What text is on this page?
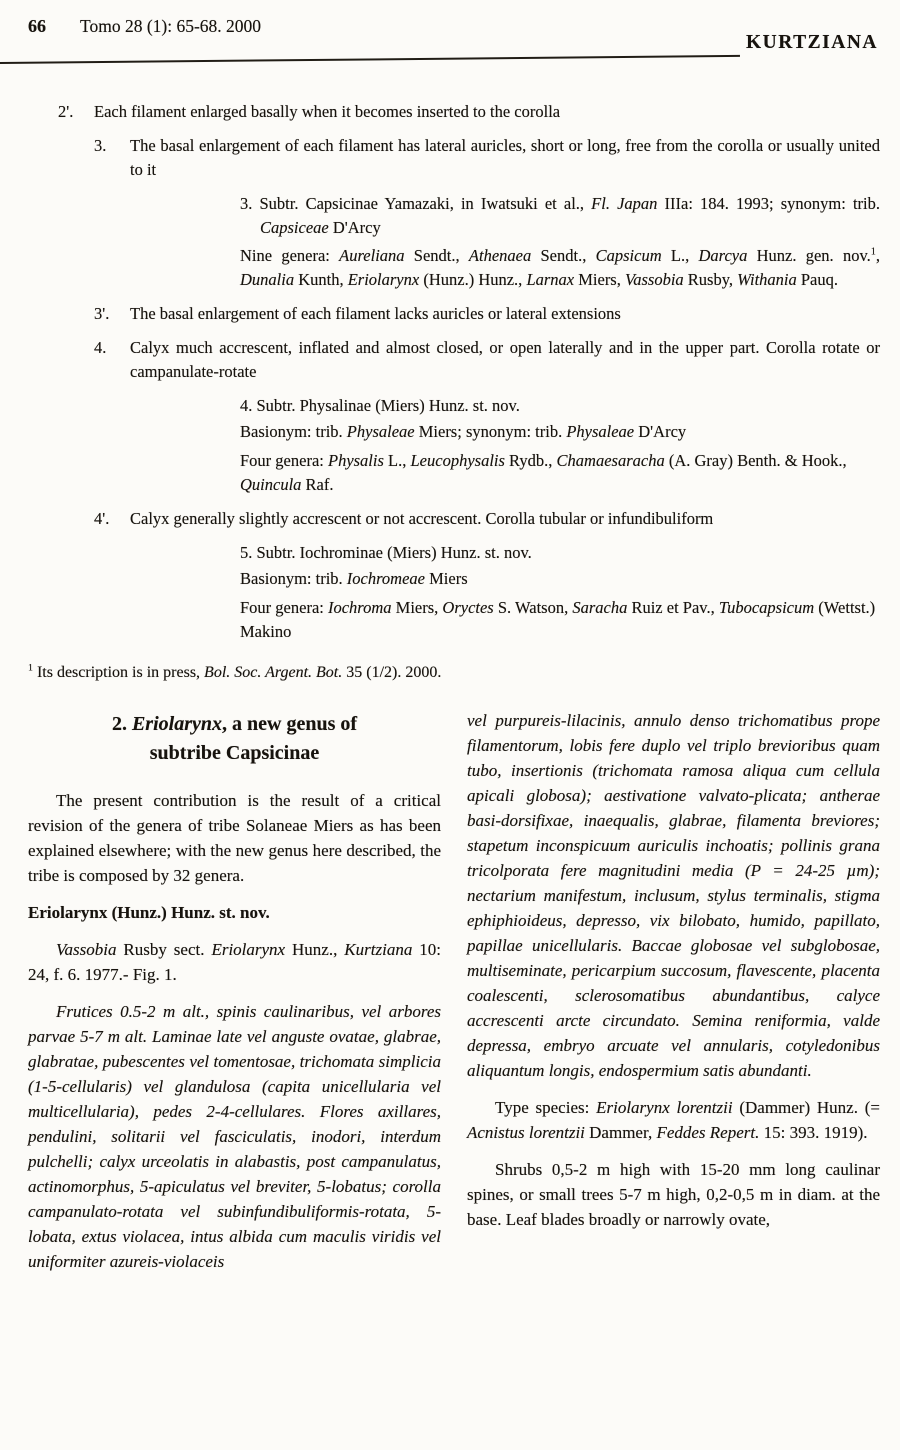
66 Tomo 28 (1): 65-68. 2000
KURTZIANA
2'.	Each filament enlarged basally when it becomes inserted to the corolla
3.	The basal enlargement of each filament has lateral auricles, short or long, free from the corolla or usually united to it
3. Subtr. Capsicinae Yamazaki, in Iwatsuki et al., Fl. Japan IIIa: 184. 1993; synonym: trib. Capsiceae D'Arcy
Nine genera: Aureliana Sendt., Athenaea Sendt., Capsicum L., Darcya Hunz. gen. nov.$^1$, Dunalia Kunth, Eriolarynx (Hunz.) Hunz., Larnax Miers, Vassobia Rusby, Withania Pauq.
3'.	The basal enlargement of each filament lacks auricles or lateral extensions
4.	Calyx much accrescent, inflated and almost closed, or open laterally and in the upper part. Corolla rotate or campanulate-rotate
4. Subtr. Physalinae (Miers) Hunz. st. nov.
Basionym: trib. Physaleae Miers; synonym: trib. Physaleae D'Arcy
Four genera: Physalis L., Leucophysalis Rydb., Chamaesaracha (A. Gray) Benth. & Hook., Quincula Raf.
4'.	Calyx generally slightly accrescent or not accrescent. Corolla tubular or infundibuliform
5. Subtr. Iochrominae (Miers) Hunz. st. nov.
Basionym: trib. Iochromeae Miers
Four genera: Iochroma Miers, Oryctes S. Watson, Saracha Ruiz et Pav., Tubocapsicum (Wettst.) Makino
$^1$ Its description is in press, Bol. Soc. Argent. Bot. 35 (1/2). 2000.
2. Eriolarynx, a new genus of
subtribe Capsicinae

The present contribution is the result of a critical revision of the genera of tribe Solaneae Miers as has been explained elsewhere; with the new genus here described, the tribe is composed by 32 genera.

Eriolarynx (Hunz.) Hunz. st. nov.

Vassobia Rusby sect. Eriolarynx Hunz., Kurtziana 10: 24, f. 6. 1977.- Fig. 1.

Frutices 0.5-2 m alt., spinis caulinaribus, vel arbores parvae 5-7 m alt. Laminae late vel anguste ovatae, glabrae, glabratae, pubescentes vel tomentosae, trichomata simplicia (1-5-cellularis) vel glandulosa (capita unicellularia vel multicellularia), pedes 2-4-cellulares. Flores axillares, pendulini, solitarii vel fasciculatis, inodori, interdum pulchelli; calyx urceolatis in alabastis, post campanulatus, actinomorphus, 5-apiculatus vel breviter, 5-lobatus; corolla campanulato-rotata vel subinfundibuliformis-rotata, 5-lobata, extus violacea, intus albida cum maculis viridis vel uniformiter azureis-violaceis

vel purpureis-lilacinis, annulo denso trichomatibus prope filamentorum, lobis fere duplo vel triplo brevioribus quam tubo, insertionis (trichomata ramosa aliqua cum cellula apicali globosa); aestivatione valvato-plicata; antherae basi-dorsifixae, inaequalis, glabrae, filamenta breviores; stapetum inconspicuum auriculis inchoatis; pollinis grana tricolporata fere magnitudini media (P = 24-25 µm); nectarium manifestum, inclusum, stylus terminalis, stigma ephiphioideus, depresso, vix bilobato, humido, papillato, papillae unicellularis. Baccae globosae vel subglobosae, multiseminate, pericarpium succosum, flavescente, placenta coalescenti, sclerosomatibus abundantibus, calyce accrescenti arcte circundato. Semina reniformia, valde depressa, embryo arcuate vel annularis, cotyledonibus aliquantum longis, endospermium satis abundanti.

Type species: Eriolarynx lorentzii (Dammer) Hunz. (= Acnistus lorentzii Dammer, Feddes Repert. 15: 393. 1919).

Shrubs 0,5-2 m high with 15-20 mm long caulinar spines, or small trees 5-7 m high, 0,2-0,5 m in diam. at the base. Leaf blades broadly or narrowly ovate,
